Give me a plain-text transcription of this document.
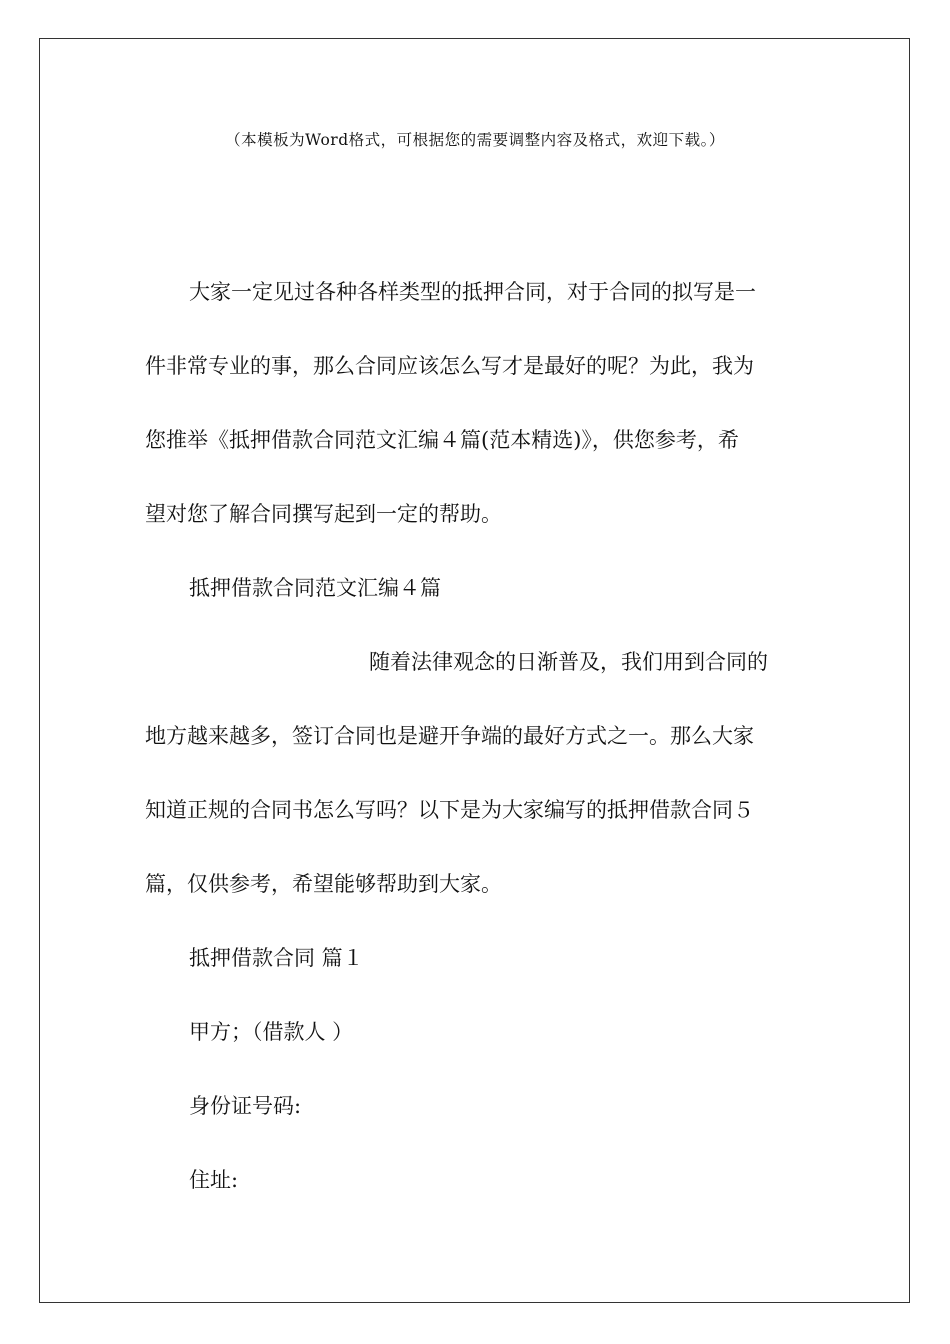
（本模板为Word格式，可根据您的需要调整内容及格式，欢迎下载。）
大家一定见过各种各样类型的抵押合同，对于合同的拟写是一
件非常专业的事，那么合同应该怎么写才是最好的呢？为此，我为
您推举《抵押借款合同范文汇编４篇(范本精选)》，供您参考，希
望对您了解合同撰写起到一定的帮助。
抵押借款合同范文汇编４篇
随着法律观念的日渐普及，我们用到合同的
地方越来越多，签订合同也是避开争端的最好方式之一。那么大家
知道正规的合同书怎么写吗？以下是为大家编写的抵押借款合同５
篇，仅供参考，希望能够帮助到大家。
抵押借款合同 篇１
甲方；（借款人 ）
身份证号码:
住址:
